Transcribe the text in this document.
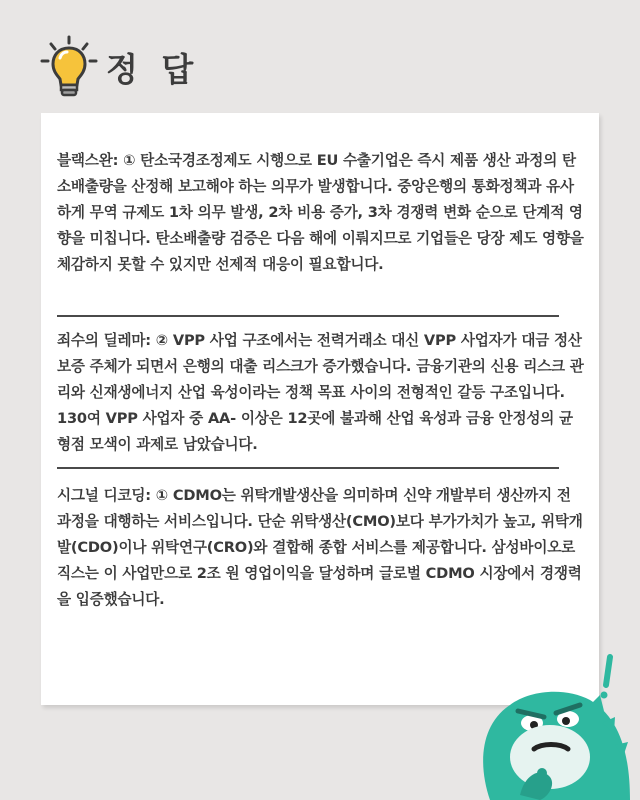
정 답
블랙스완: ① 탄소국경조정제도 시행으로 EU 수출기업은 즉시 제품 생산 과정의 탄소배출량을 산정해 보고해야 하는 의무가 발생합니다. 중앙은행의 통화정책과 유사하게 무역 규제도 1차 의무 발생, 2차 비용 증가, 3차 경쟁력 변화 순으로 단계적 영향을 미칩니다. 탄소배출량 검증은 다음 해에 이뤄지므로 기업들은 당장 제도 영향을 체감하지 못할 수 있지만 선제적 대응이 필요합니다.
죄수의 딜레마: ② VPP 사업 구조에서는 전력거래소 대신 VPP 사업자가 대금 정산 보증 주체가 되면서 은행의 대출 리스크가 증가했습니다. 금융기관의 신용 리스크 관리와 신재생에너지 산업 육성이라는 정책 목표 사이의 전형적인 갈등 구조입니다. 130여 VPP 사업자 중 AA- 이상은 12곳에 불과해 산업 육성과 금융 안정성의 균형점 모색이 과제로 남았습니다.
시그널 디코딩: ① CDMO는 위탁개발생산을 의미하며 신약 개발부터 생산까지 전 과정을 대행하는 서비스입니다. 단순 위탁생산(CMO)보다 부가가치가 높고, 위탁개발(CDO)이나 위탁연구(CRO)와 결합해 종합 서비스를 제공합니다. 삼성바이오로직스는 이 사업만으로 2조 원 영업이익을 달성하며 글로벌 CDMO 시장에서 경쟁력을 입증했습니다.
